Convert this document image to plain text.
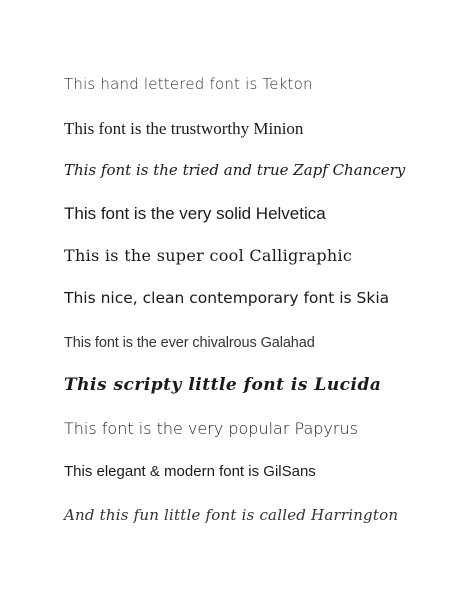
This hand lettered font is Tekton
This font is the trustworthy Minion
This font is the tried and true Zapf Chancery
This font is the very solid Helvetica
This is the super cool Calligraphic
This nice, clean contemporary font is Skia
This font is the ever chivalrous Galahad
This scripty little font is Lucida
This font is the very popular Papyrus
This elegant & modern font is GilSans
And this fun little font is called Harrington
